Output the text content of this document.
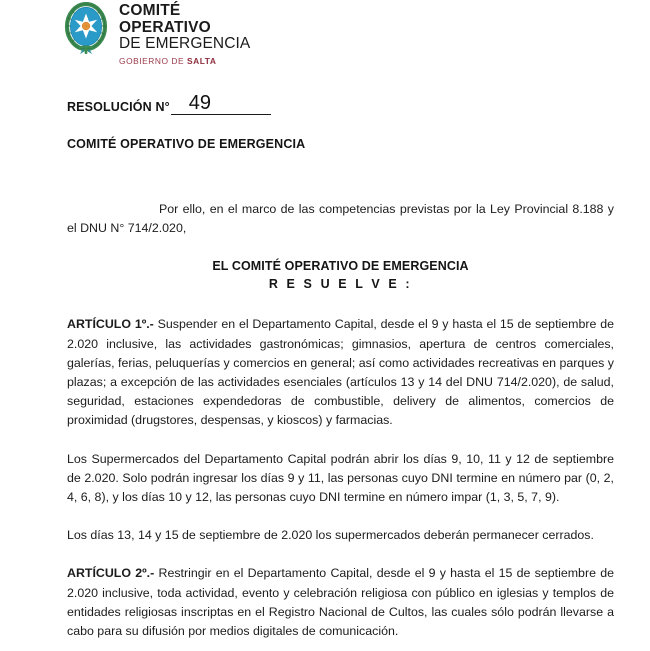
COMITÉ
OPERATIVO
DE EMERGENCIA
GOBIERNO DE SALTA
RESOLUCIÓN N° 49
COMITÉ OPERATIVO DE EMERGENCIA

Por ello, en el marco de las competencias previstas por la Ley Provincial 8.188 y el DNU N° 714/2.020,

EL COMITÉ OPERATIVO DE EMERGENCIA
R E S U E L V E :

ARTÍCULO 1º.- Suspender en el Departamento Capital, desde el 9 y hasta el 15 de septiembre de 2.020 inclusive, las actividades gastronómicas; gimnasios, apertura de centros comerciales, galerías, ferias, peluquerías y comercios en general; así como actividades recreativas en parques y plazas; a excepción de las actividades esenciales (artículos 13 y 14 del DNU 714/2.020), de salud, seguridad, estaciones expendedoras de combustible, delivery de alimentos, comercios de proximidad (drugstores, despensas, y kioscos) y farmacias.

Los Supermercados del Departamento Capital podrán abrir los días 9, 10, 11 y 12 de septiembre de 2.020. Solo podrán ingresar los días 9 y 11, las personas cuyo DNI termine en número par (0, 2, 4, 6, 8), y los días 10 y 12, las personas cuyo DNI termine en número impar (1, 3, 5, 7, 9).

Los días 13, 14 y 15 de septiembre de 2.020 los supermercados deberán permanecer cerrados.

ARTÍCULO 2º.- Restringir en el Departamento Capital, desde el 9 y hasta el 15 de septiembre de 2.020 inclusive, toda actividad, evento y celebración religiosa con público en iglesias y templos de entidades religiosas inscriptas en el Registro Nacional de Cultos, las cuales sólo podrán llevarse a cabo para su difusión por medios digitales de comunicación.
